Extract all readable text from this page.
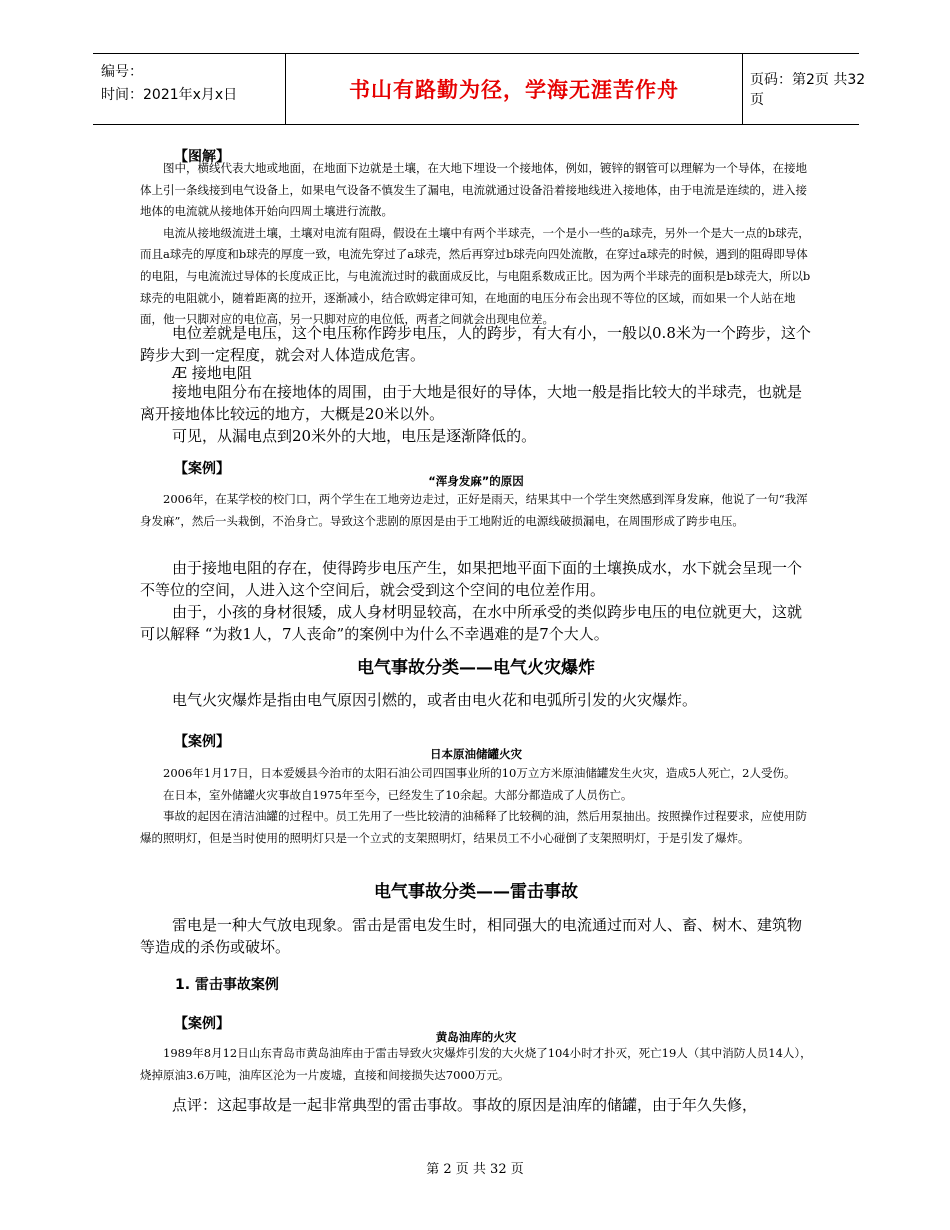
编号：
时间：2021年x月x日	书山有路勤为径，学海无涯苦作舟	页码：第2页 共32页
【图解】

图中，横线代表大地或地面，在地面下边就是土壤，在大地下埋设一个接地体，例如，镀锌的钢管可以理解为一个导体，在接地体上引一条线接到电气设备上，如果电气设备不慎发生了漏电，电流就通过设备沿着接地线进入接地体，由于电流是连续的，进入接地体的电流就从接地体开始向四周土壤进行流散。

电流从接地级流进土壤，土壤对电流有阻碍，假设在土壤中有两个半球壳，一个是小一些的a球壳，另外一个是大一点的b球壳，而且a球壳的厚度和b球壳的厚度一致，电流先穿过了a球壳，然后再穿过b球壳向四处流散，在穿过a球壳的时候，遇到的阻碍即导体的电阻，与电流流过导体的长度成正比，与电流流过时的截面成反比，与电阻系数成正比。因为两个半球壳的面积是b球壳大，所以b球壳的电阻就小，随着距离的拉开，逐渐减小，结合欧姆定律可知，在地面的电压分布会出现不等位的区域，而如果一个人站在地面，他一只脚对应的电位高，另一只脚对应的电位低，两者之间就会出现电位差。

电位差就是电压，这个电压称作跨步电压，人的跨步，有大有小，一般以0.8米为一个跨步，这个跨步大到一定程度，就会对人体造成危害。

Æ 接地电阻

接地电阻分布在接地体的周围，由于大地是很好的导体，大地一般是指比较大的半球壳，也就是离开接地体比较远的地方，大概是20米以外。

可见，从漏电点到20米外的大地，电压是逐渐降低的。

【案例】
“浑身发麻”的原因

2006年，在某学校的校门口，两个学生在工地旁边走过，正好是雨天，结果其中一个学生突然感到浑身发麻，他说了一句“我浑身发麻”，然后一头栽倒，不治身亡。导致这个悲剧的原因是由于工地附近的电源线破损漏电，在周围形成了跨步电压。

由于接地电阻的存在，使得跨步电压产生，如果把地平面下面的土壤换成水，水下就会呈现一个不等位的空间，人进入这个空间后，就会受到这个空间的电位差作用。

由于，小孩的身材很矮，成人身材明显较高，在水中所承受的类似跨步电压的电位就更大，这就可以解释 “为救1人，7人丧命”的案例中为什么不幸遇难的是7个大人。

电气事故分类——电气火灾爆炸

电气火灾爆炸是指由电气原因引燃的，或者由电火花和电弧所引发的火灾爆炸。

【案例】
日本原油储罐火灾

2006年1月17日，日本爱媛县今治市的太阳石油公司四国事业所的10万立方米原油储罐发生火灾，造成5人死亡，2人受伤。

在日本，室外储罐火灾事故自1975年至今，已经发生了10余起。大部分都造成了人员伤亡。

事故的起因在清洁油罐的过程中。员工先用了一些比较清的油稀释了比较稠的油，然后用泵抽出。按照操作过程要求，应使用防爆的照明灯，但是当时使用的照明灯只是一个立式的支架照明灯，结果员工不小心碰倒了支架照明灯，于是引发了爆炸。

电气事故分类——雷击事故

雷电是一种大气放电现象。雷击是雷电发生时，相同强大的电流通过而对人、畜、树木、建筑物等造成的杀伤或破坏。

1. 雷击事故案例
【案例】
黄岛油库的火灾

1989年8月12日山东青岛市黄岛油库由于雷击导致火灾爆炸引发的大火烧了104小时才扑灭，死亡19人（其中消防人员14人），烧掉原油3.6万吨，油库区沦为一片废墟，直接和间接损失达7000万元。

点评：这起事故是一起非常典型的雷击事故。事故的原因是油库的储罐，由于年久失修，

第 2 页 共 32 页
